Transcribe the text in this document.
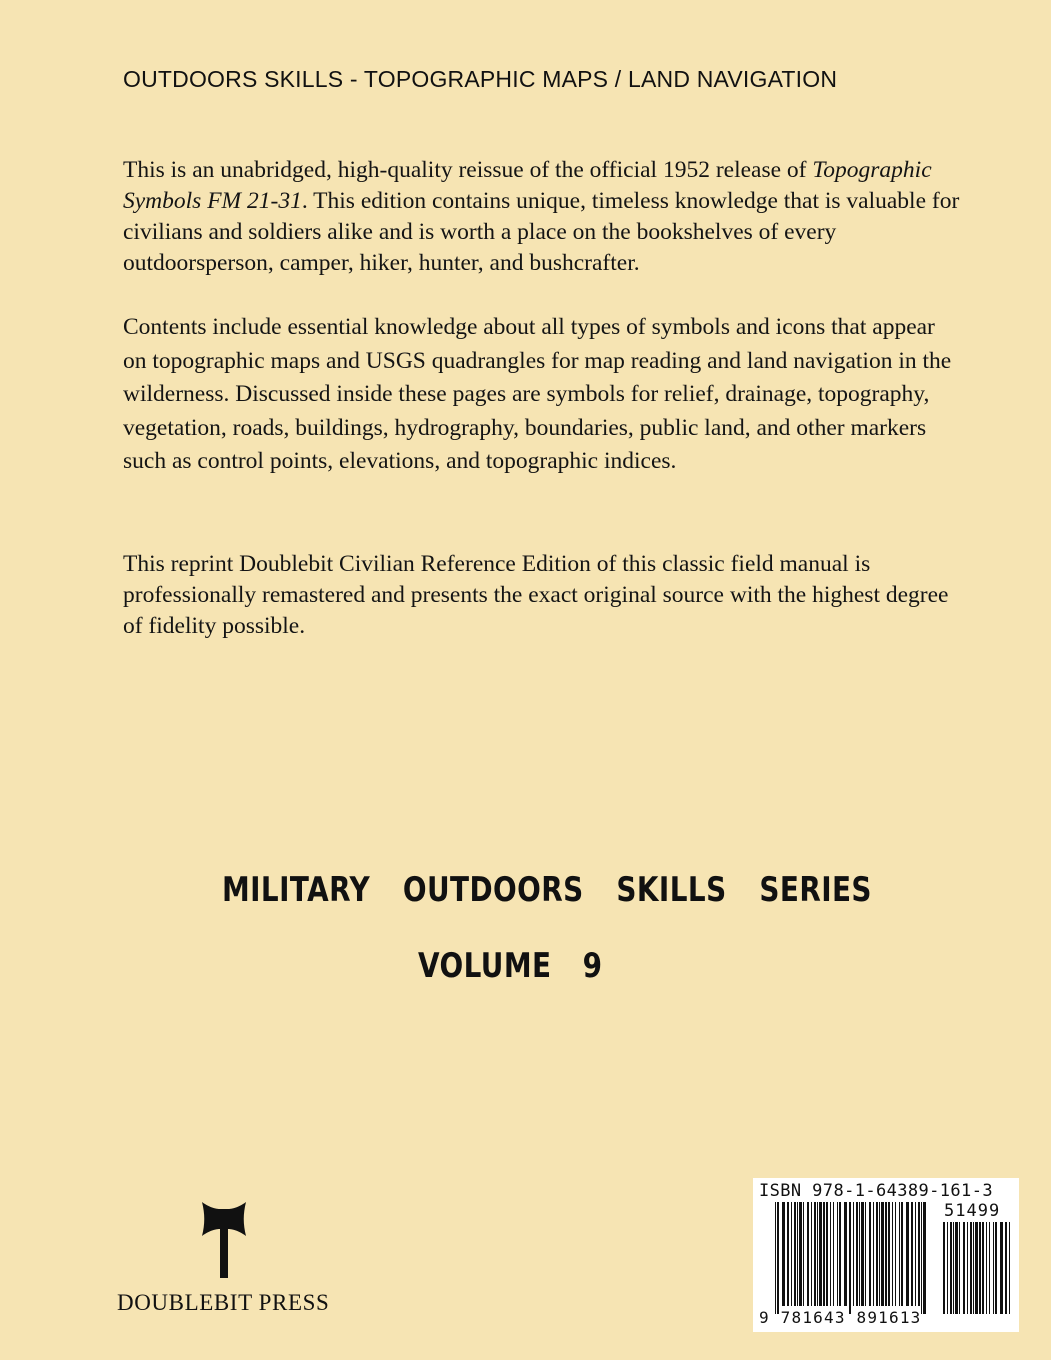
OUTDOORS SKILLS - TOPOGRAPHIC MAPS / LAND NAVIGATION

This is an unabridged, high-quality reissue of the official 1952 release of Topographic Symbols FM 21-31. This edition contains unique, timeless knowledge that is valuable for civilians and soldiers alike and is worth a place on the bookshelves of every outdoorsperson, camper, hiker, hunter, and bushcrafter.

Contents include essential knowledge about all types of symbols and icons that appear on topographic maps and USGS quadrangles for map reading and land navigation in the wilderness. Discussed inside these pages are symbols for relief, drainage, topography, vegetation, roads, buildings, hydrography, boundaries, public land, and other markers such as control points, elevations, and topographic indices.

This reprint Doublebit Civilian Reference Edition of this classic field manual is professionally remastered and presents the exact original source with the highest degree of fidelity possible.

MILITARY OUTDOORS SKILLS SERIES
VOLUME 9
DOUBLEBIT PRESS
ISBN 978-1-64389-161-3
51499
9 781643 891613
